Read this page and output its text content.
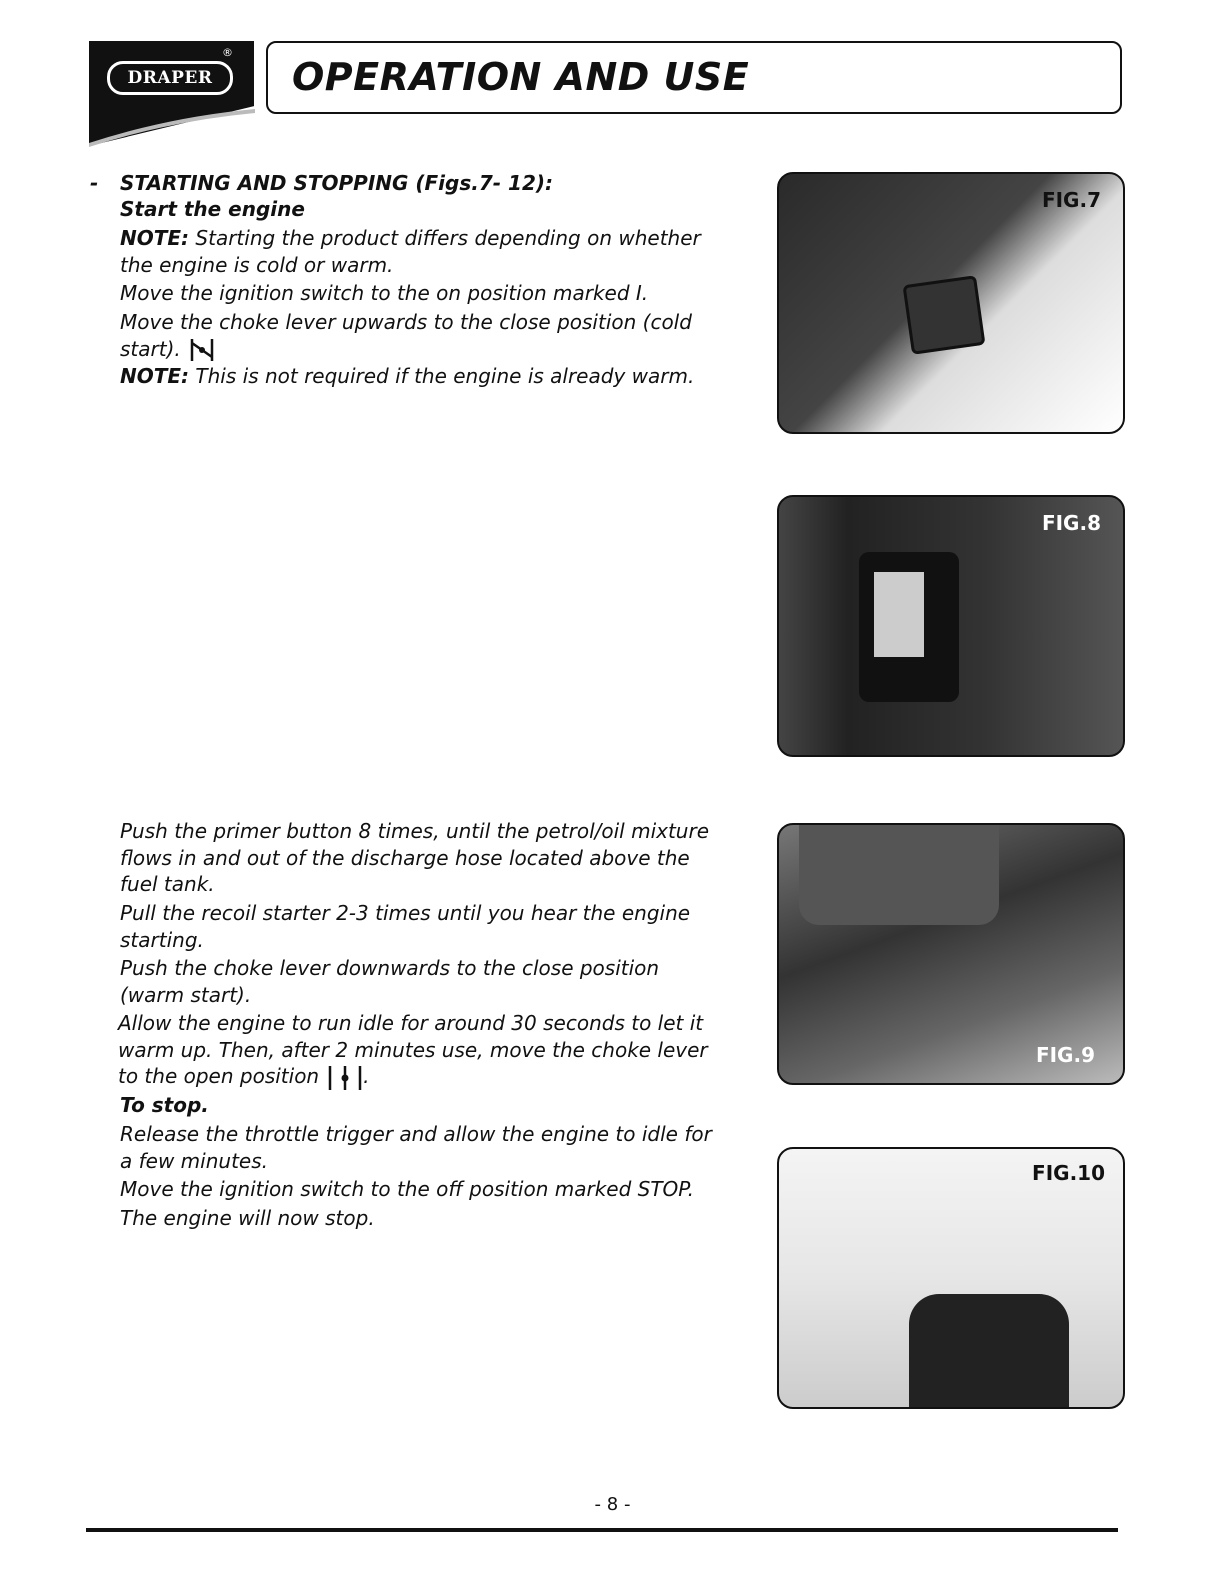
DRAPER
®
OPERATION AND USE
- STARTING AND STOPPING (Figs.7- 12):
Start the engine
NOTE: Starting the product differs depending on whether
the engine is cold or warm.
Move the ignition switch to the on position marked I.
Move the choke lever upwards to the close position (cold
start).
NOTE: This is not required if the engine is already warm.
Push the primer button 8 times, until the petrol/oil mixture
flows in and out of the discharge hose located above the
fuel tank.
Pull the recoil starter 2-3 times until you hear the engine
starting.
Push the choke lever downwards to the close position
(warm start).
Allow the engine to run idle for around 30 seconds to let it
warm up. Then, after 2 minutes use, move the choke lever
to the open position .
To stop.
Release the throttle trigger and allow the engine to idle for
a few minutes.
Move the ignition switch to the off position marked STOP.
The engine will now stop.
FIG.7
FIG.8
FIG.9
FIG.10
- 8 -
